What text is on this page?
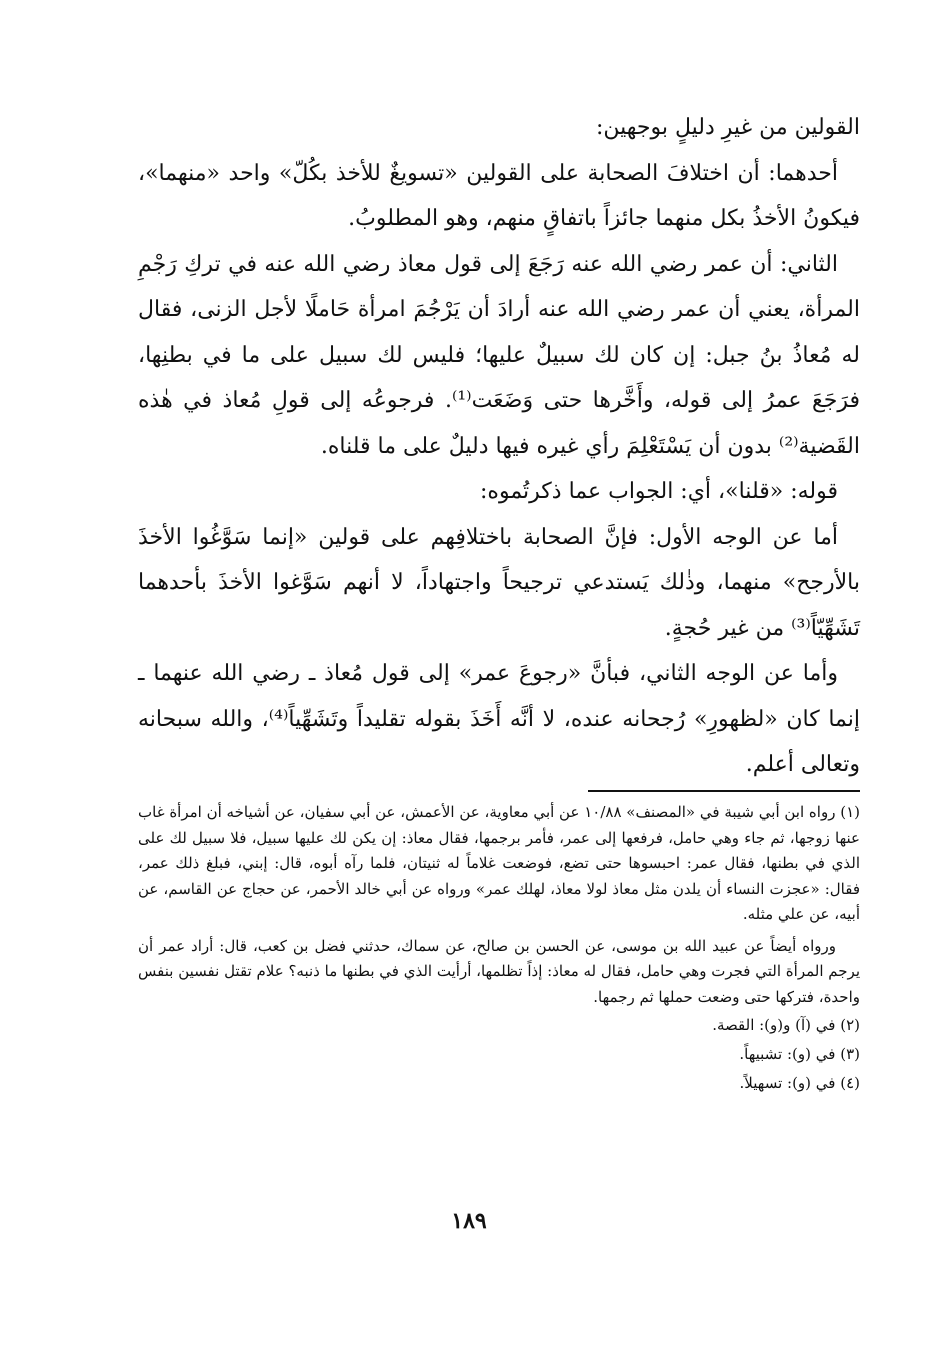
القولين من غيرِ دليلٍ بوجهين:

أحدهما: أن اختلافَ الصحابة على القولين «تسويغٌ للأخذ بكُلّ» واحد «منهما»، فيكونُ الأخذُ بكل منهما جائزاً باتفاقٍ منهم، وهو المطلوبُ.

الثاني: أن عمر رضي الله عنه رَجَعَ إلى قول معاذ رضي الله عنه في تركِ رَجْمِ المرأة، يعني أن عمر رضي الله عنه أرادَ أن يَرْجُمَ امرأة حَاملًا لأجل الزنى، فقال له مُعاذُ بنُ جبل: إن كان لك سبيلٌ عليها؛ فليس لك سبيل على ما في بطنِها، فرَجَعَ عمرُ إلى قوله، وأَخَّرها حتى وَضَعَت⁽¹⁾. فرجوعُه إلى قولِ مُعاذ في هٰذه القَضية⁽²⁾ بدون أن يَسْتَعْلِمَ رأي غيره فيها دليلٌ على ما قلناه.

قوله: «قلنا»، أي: الجواب عما ذكرتُموه:

أما عن الوجه الأول: فإنَّ الصحابة باختلافِهم على قولين «إنما سَوَّغُوا الأخذَ بالأرجح» منهما، وذٰلك يَستدعي ترجيحاً واجتهاداً، لا أنهم سَوَّغوا الأخذَ بأحدهما تَشَهِّيّاً⁽³⁾ من غير حُجةٍ.

وأما عن الوجه الثاني، فبأنَّ «رجوعَ عمر» إلى قول مُعاذ ـ رضي الله عنهما ـ إنما كان «لظهورِ» رُجحانه عنده، لا أنَّه أَخَذَ بقوله تقليداً وتَشَهِّياً⁽⁴⁾، والله سبحانه وتعالى أعلم.

(١) رواه ابن أبي شيبة في «المصنف» ١٠/٨٨ عن أبي معاوية، عن الأعمش، عن أبي سفيان، عن أشياخه أن امرأة غاب عنها زوجها، ثم جاء وهي حامل، فرفعها إلى عمر، فأمر برجمها، فقال معاذ: إن يكن لك عليها سبيل، فلا سبيل لك على الذي في بطنها، فقال عمر: احبسوها حتى تضع، فوضعت غلاماً له ثنيتان، فلما رآه أبوه، قال: إبني، فبلغ ذلك عمر، فقال: «عجزت النساء أن يلدن مثل معاذ لولا معاذ، لهلك عمر» ورواه عن أبي خالد الأحمر، عن حجاج عن القاسم، عن أبيه، عن علي مثله.

ورواه أيضاً عن عبيد الله بن موسى، عن الحسن بن صالح، عن سماك، حدثني فضل بن كعب، قال: أراد عمر أن يرجم المرأة التي فجرت وهي حامل، فقال له معاذ: إذاً تظلمها، أرأيت الذي في بطنها ما ذنبه؟ علام تقتل نفسين بنفس واحدة، فتركها حتى وضعت حملها ثم رجمها.

(٢) في (آ) و(و): القصة.

(٣) في (و): تشبيهاً.

(٤) في (و): تسهيلاً.

١٨٩
